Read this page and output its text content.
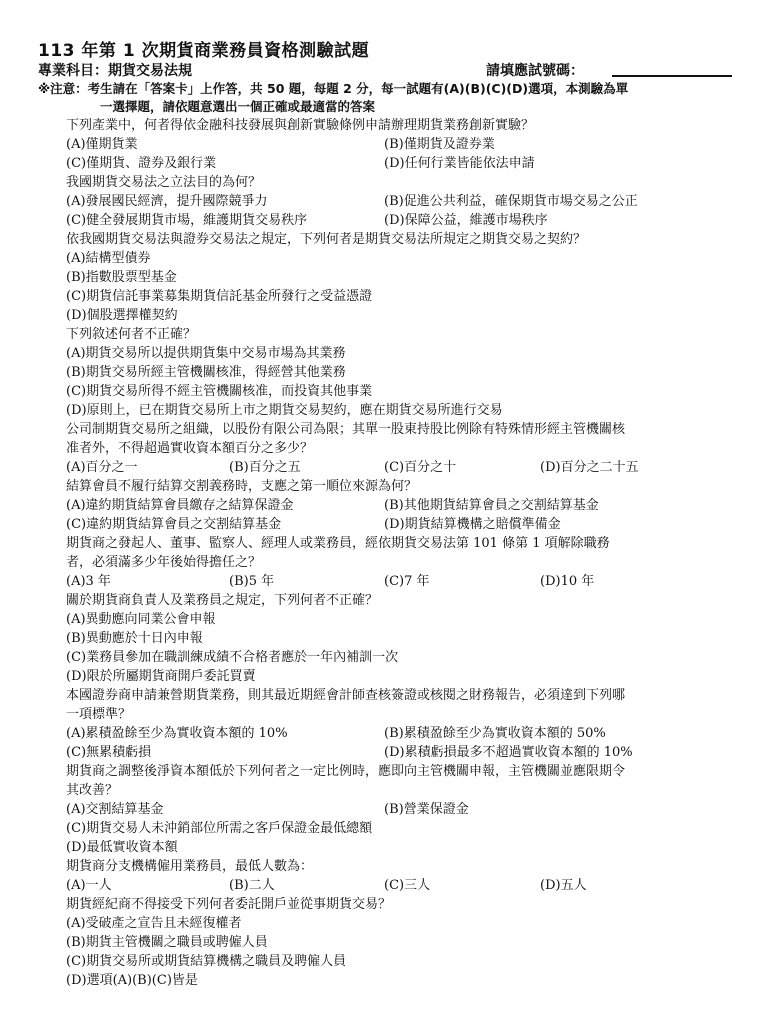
113 年第 1 次期貨商業務員資格測驗試題
專業科目：期貨交易法規	請填應試號碼：
※注意：考生請在「答案卡」上作答，共 50 題，每題 2 分，每一試題有(A)(B)(C)(D)選項，本測驗為單
一選擇題，請依題意選出一個正確或最適當的答案
下列產業中，何者得依金融科技發展與創新實驗條例申請辦理期貨業務創新實驗？
(A)僅期貨業	(B)僅期貨及證券業
(C)僅期貨、證券及銀行業	(D)任何行業皆能依法申請
我國期貨交易法之立法目的為何？
(A)發展國民經濟，提升國際競爭力	(B)促進公共利益，確保期貨市場交易之公正
(C)健全發展期貨市場，維護期貨交易秩序	(D)保障公益，維護市場秩序
依我國期貨交易法與證券交易法之規定，下列何者是期貨交易法所規定之期貨交易之契約？
(A)結構型債券
(B)指數股票型基金
(C)期貨信託事業募集期貨信託基金所發行之受益憑證
(D)個股選擇權契約
下列敘述何者不正確？
(A)期貨交易所以提供期貨集中交易市場為其業務
(B)期貨交易所經主管機關核准，得經營其他業務
(C)期貨交易所得不經主管機關核准，而投資其他事業
(D)原則上，已在期貨交易所上市之期貨交易契約，應在期貨交易所進行交易
公司制期貨交易所之組織，以股份有限公司為限；其單一股東持股比例除有特殊情形經主管機關核
准者外，不得超過實收資本額百分之多少？
(A)百分之一	(B)百分之五	(C)百分之十	(D)百分之二十五
結算會員不履行結算交割義務時，支應之第一順位來源為何？
(A)違約期貨結算會員繳存之結算保證金	(B)其他期貨結算會員之交割結算基金
(C)違約期貨結算會員之交割結算基金	(D)期貨結算機構之賠償準備金
期貨商之發起人、董事、監察人、經理人或業務員，經依期貨交易法第 101 條第 1 項解除職務
者，必須滿多少年後始得擔任之？
(A)3 年	(B)5 年	(C)7 年	(D)10 年
關於期貨商負責人及業務員之規定，下列何者不正確？
(A)異動應向同業公會申報
(B)異動應於十日內申報
(C)業務員參加在職訓練成績不合格者應於一年內補訓一次
(D)限於所屬期貨商開戶委託買賣
本國證券商申請兼營期貨業務，則其最近期經會計師查核簽證或核閱之財務報告，必須達到下列哪
一項標準？
(A)累積盈餘至少為實收資本額的 10%	(B)累積盈餘至少為實收資本額的 50%
(C)無累積虧損	(D)累積虧損最多不超過實收資本額的 10%
期貨商之調整後淨資本額低於下列何者之一定比例時，應即向主管機關申報，主管機關並應限期令
其改善？
(A)交割結算基金	(B)營業保證金
(C)期貨交易人未沖銷部位所需之客戶保證金最低總額
(D)最低實收資本額
期貨商分支機構僱用業務員，最低人數為：
(A)一人	(B)二人	(C)三人	(D)五人
期貨經紀商不得接受下列何者委託開戶並從事期貨交易？
(A)受破產之宣告且未經復權者
(B)期貨主管機關之職員或聘僱人員
(C)期貨交易所或期貨結算機構之職員及聘僱人員
(D)選項(A)(B)(C)皆是
